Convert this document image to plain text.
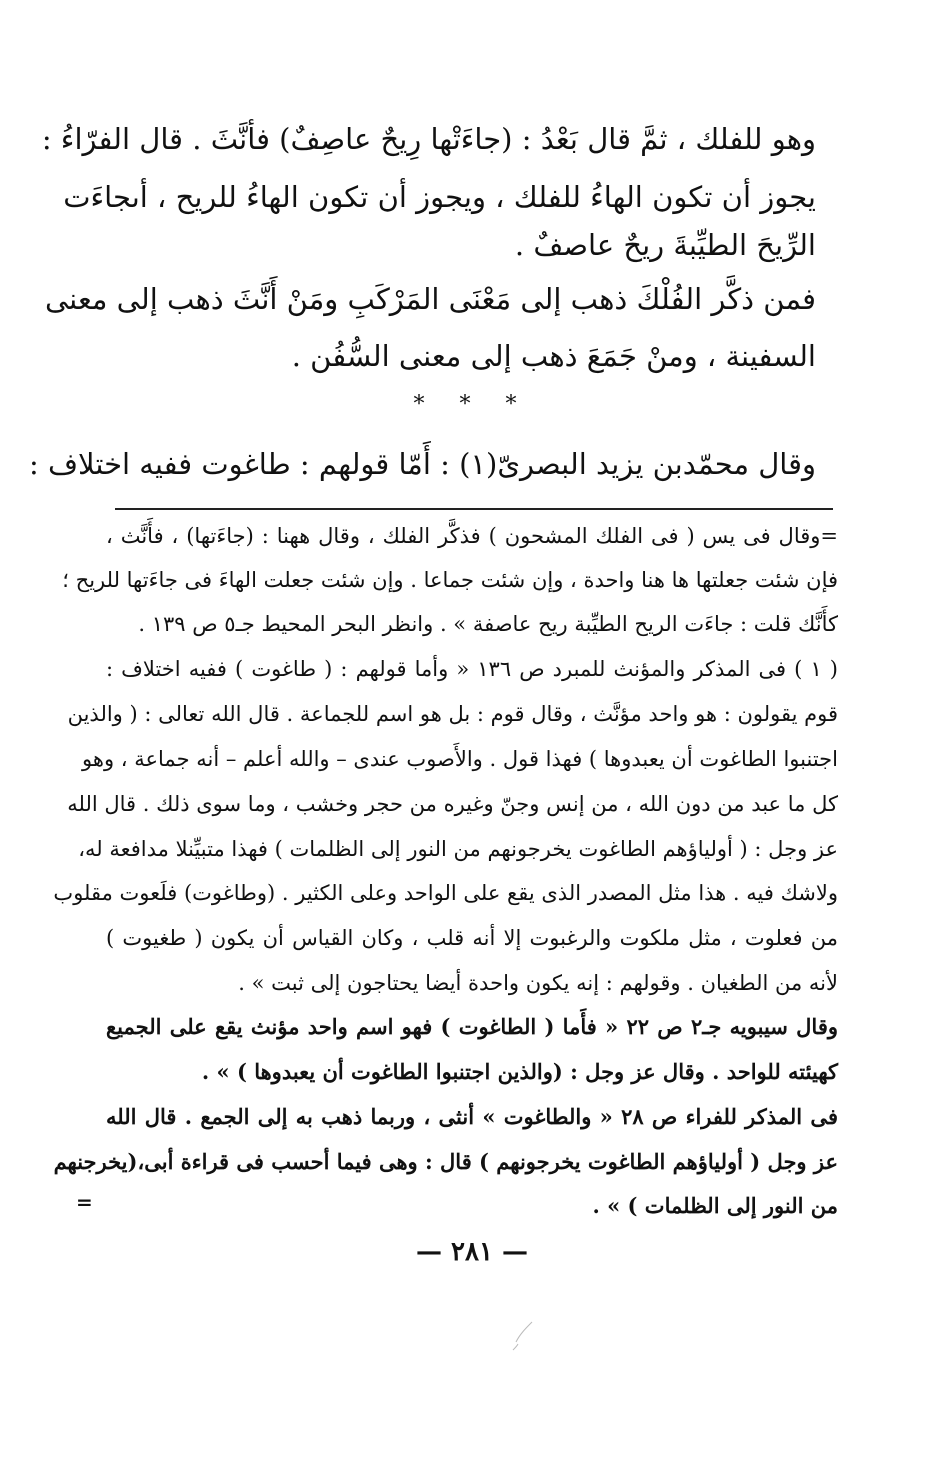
وهو للفلك ، ثمَّ قال بَعْدُ : (جاءَتْها رِيحٌ عاصِفٌ) فأنَّثَ . قال الفرّاءُ :
يجوز أن تكون الهاءُ للفلك ، ويجوز أن تكون الهاءُ للريح ، أىجاءَت
الرِّيحَ الطيِّبةَ ريحٌ عاصفٌ .
فمن ذكَّر الفُلْكَ ذهب إلى مَعْنَى المَرْكَبِ ومَنْ أَنَّثَ ذهب إلى معنى
السفينة ، ومنْ جَمَعَ ذهب إلى معنى السُّفُن .
* * *
وقال محمّدبن يزيد البصرىّ(١) : أَمّا قولهم : طاغوت ففيه اختلاف :
=وقال فى يس ( فى الفلك المشحون ) فذكَّر الفلك ، وقال ههنا : (جاءَتها) ، فأَنَّث ،
فإن شئت جعلتها ها هنا واحدة ، وإن شئت جماعا . وإن شئت جعلت الهاءَ فى جاءَتها للريح ؛
كأَنَّك قلت : جاءَت الريح الطيِّبة ريح عاصفة » . وانظر البحر المحيط جـ٥ ص ١٣٩ .
( ١ ) فى المذكر والمؤنث للمبرد ص ١٣٦ « وأما قولهم : ( طاغوت ) ففيه اختلاف :
قوم يقولون : هو واحد مؤنَّث ، وقال قوم : بل هو اسم للجماعة . قال الله تعالى : ( والذين
اجتنبوا الطاغوت أن يعبدوها ) فهذا قول . والأَصوب عندى – والله أعلم – أنه جماعة ، وهو
كل ما عبد من دون الله ، من إنس وجنّ وغيره من حجر وخشب ، وما سوى ذلك . قال الله
عز وجل : ( أولياؤهم الطاغوت يخرجونهم من النور إلى الظلمات ) فهذا متبيِّنلا مدافعة له،
ولاشك فيه . هذا مثل المصدر الذى يقع على الواحد وعلى الكثير . (وطاغوت) فلَعوت مقلوب
من فعلوت ، مثل ملكوت والرغبوت إلا أنه قلب ، وكان القياس أن يكون ( طغيوت )
لأنه من الطغيان . وقولهم : إنه يكون واحدة أيضا يحتاجون إلى ثبت » .
وقال سيبويه جـ٢ ص ٢٢ « فأَما ( الطاغوت ) فهو اسم واحد مؤنث يقع على الجميع
كهيئته للواحد . وقال عز وجل : (والذين اجتنبوا الطاغوت أن يعبدوها ) » .
فى المذكر للفراء ص ٢٨ « والطاغوت » أنثى ، وربما ذهب به إلى الجمع . قال الله
عز وجل ( أولياؤهم الطاغوت يخرجونهم ) قال : وهى فيما أحسب فى قراءة أبى،(يخرجنهم
من النور إلى الظلمات ) » .
=
— ٢٨١ —
